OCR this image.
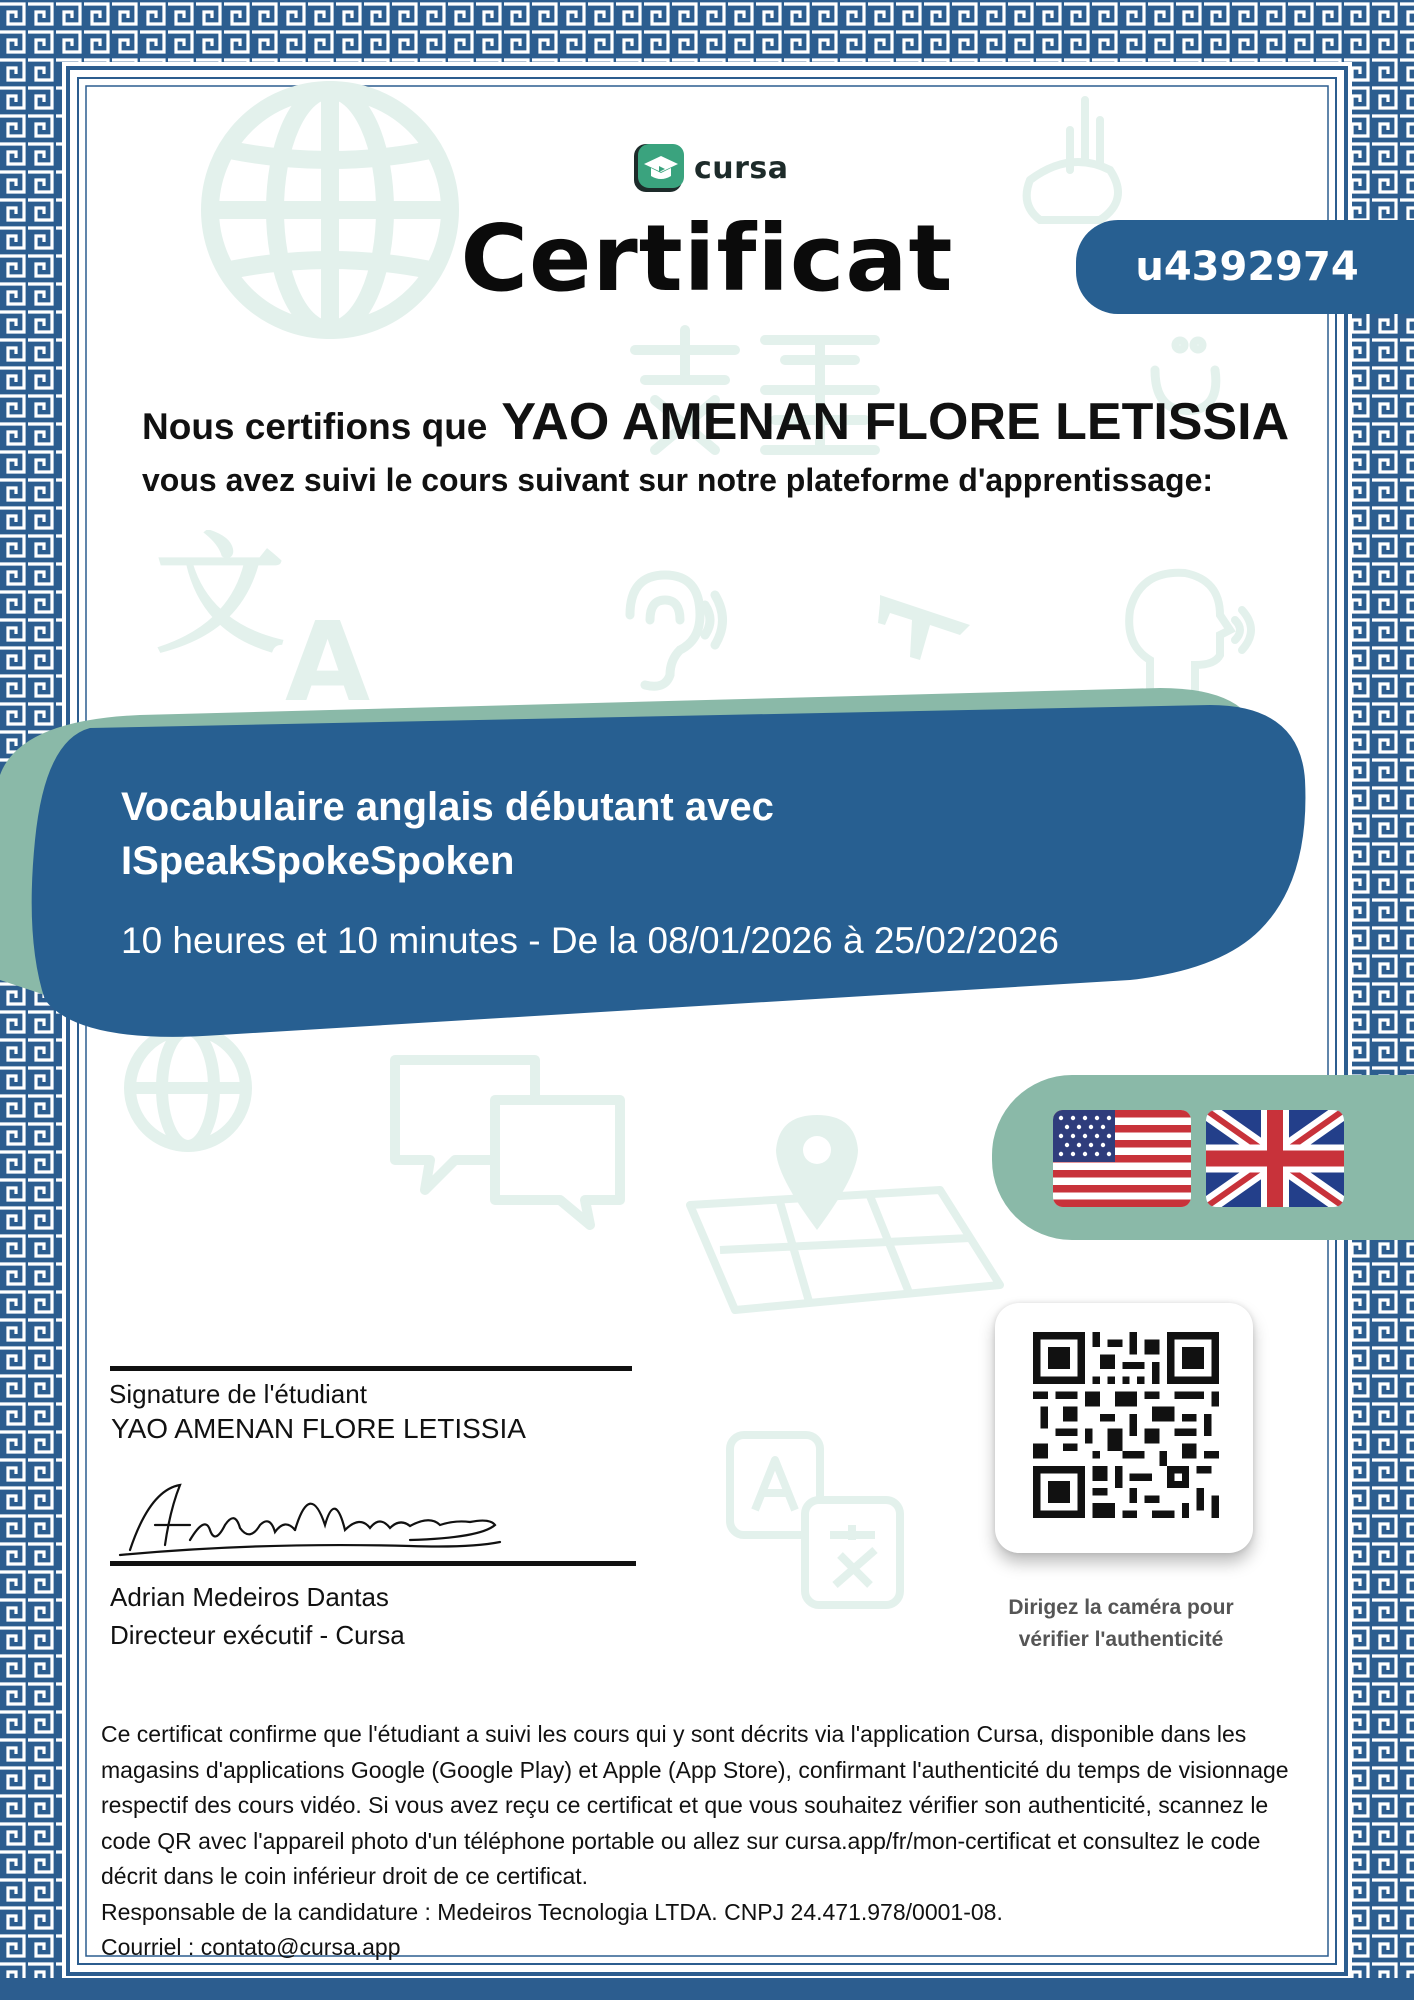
文 A
cursa
Certificat	u4392974
Nous certifions que YAO AMENAN FLORE LETISSIA
vous avez suivi le cours suivant sur notre plateforme d'apprentissage:
Vocabulaire anglais débutant avec
ISpeakSpokeSpoken
10 heures et 10 minutes - De la 08/01/2026 à 25/02/2026
Signature de l'étudiant
YAO AMENAN FLORE LETISSIA
Adrian Medeiros Dantas
Directeur exécutif - Cursa
Dirigez la caméra pour
vérifier l'authenticité

Ce certificat confirme que l'étudiant a suivi les cours qui y sont décrits via l'application Cursa, disponible dans les magasins d'applications Google (Google Play) et Apple (App Store), confirmant l'authenticité du temps de visionnage respectif des cours vidéo. Si vous avez reçu ce certificat et que vous souhaitez vérifier son authenticité, scannez le code QR avec l'appareil photo d'un téléphone portable ou allez sur cursa.app/fr/mon-certificat et consultez le code décrit dans le coin inférieur droit de ce certificat.

Responsable de la candidature : Medeiros Tecnologia LTDA. CNPJ 24.471.978/0001-08.

Courriel : contato@cursa.app
